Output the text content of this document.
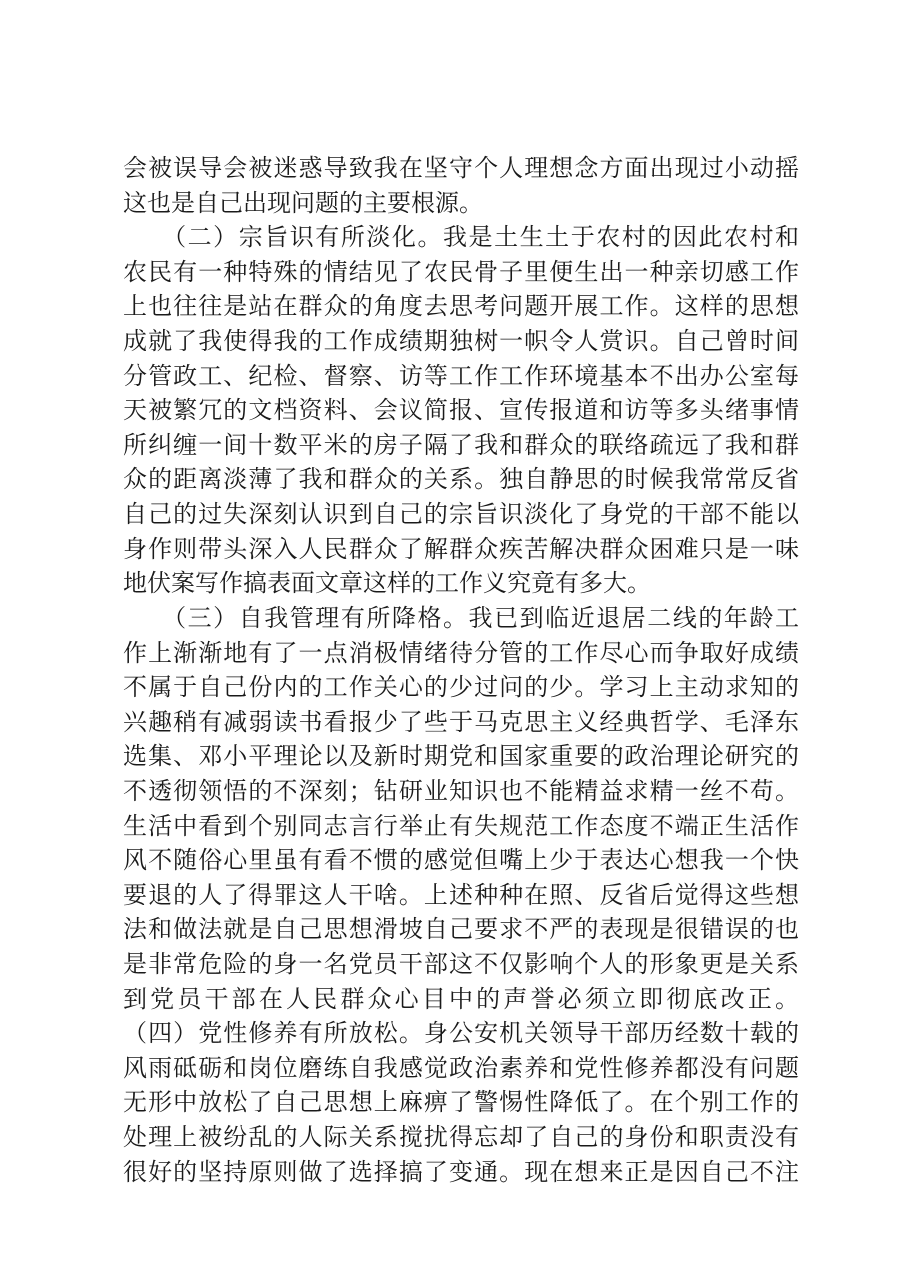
会被误导会被迷惑导致我在坚守个人理想念方面出现过小动摇
这也是自己出现问题的主要根源。
　　（二）宗旨识有所淡化。我是土生土于农村的因此农村和
农民有一种特殊的情结见了农民骨子里便生出一种亲切感工作
上也往往是站在群众的角度去思考问题开展工作。这样的思想
成就了我使得我的工作成绩期独树一帜令人赏识。自己曾时间
分管政工、纪检、督察、访等工作工作环境基本不出办公室每
天被繁冗的文档资料、会议简报、宣传报道和访等多头绪事情
所纠缠一间十数平米的房子隔了我和群众的联络疏远了我和群
众的距离淡薄了我和群众的关系。独自静思的时候我常常反省
自己的过失深刻认识到自己的宗旨识淡化了身党的干部不能以
身作则带头深入人民群众了解群众疾苦解决群众困难只是一味
地伏案写作搞表面文章这样的工作义究竟有多大。
　　（三）自我管理有所降格。我已到临近退居二线的年龄工
作上渐渐地有了一点消极情绪待分管的工作尽心而争取好成绩
不属于自己份内的工作关心的少过问的少。学习上主动求知的
兴趣稍有减弱读书看报少了些于马克思主义经典哲学、毛泽东
选集、邓小平理论以及新时期党和国家重要的政治理论研究的
不透彻领悟的不深刻；钻研业知识也不能精益求精一丝不苟。
生活中看到个别同志言行举止有失规范工作态度不端正生活作
风不随俗心里虽有看不惯的感觉但嘴上少于表达心想我一个快
要退的人了得罪这人干啥。上述种种在照、反省后觉得这些想
法和做法就是自己思想滑坡自己要求不严的表现是很错误的也
是非常危险的身一名党员干部这不仅影响个人的形象更是关系
到党员干部在人民群众心目中的声誉必须立即彻底改正。
（四）党性修养有所放松。身公安机关领导干部历经数十载的
风雨砥砺和岗位磨练自我感觉政治素养和党性修养都没有问题
无形中放松了自己思想上麻痹了警惕性降低了。在个别工作的
处理上被纷乱的人际关系搅扰得忘却了自己的身份和职责没有
很好的坚持原则做了选择搞了变通。现在想来正是因自己不注
